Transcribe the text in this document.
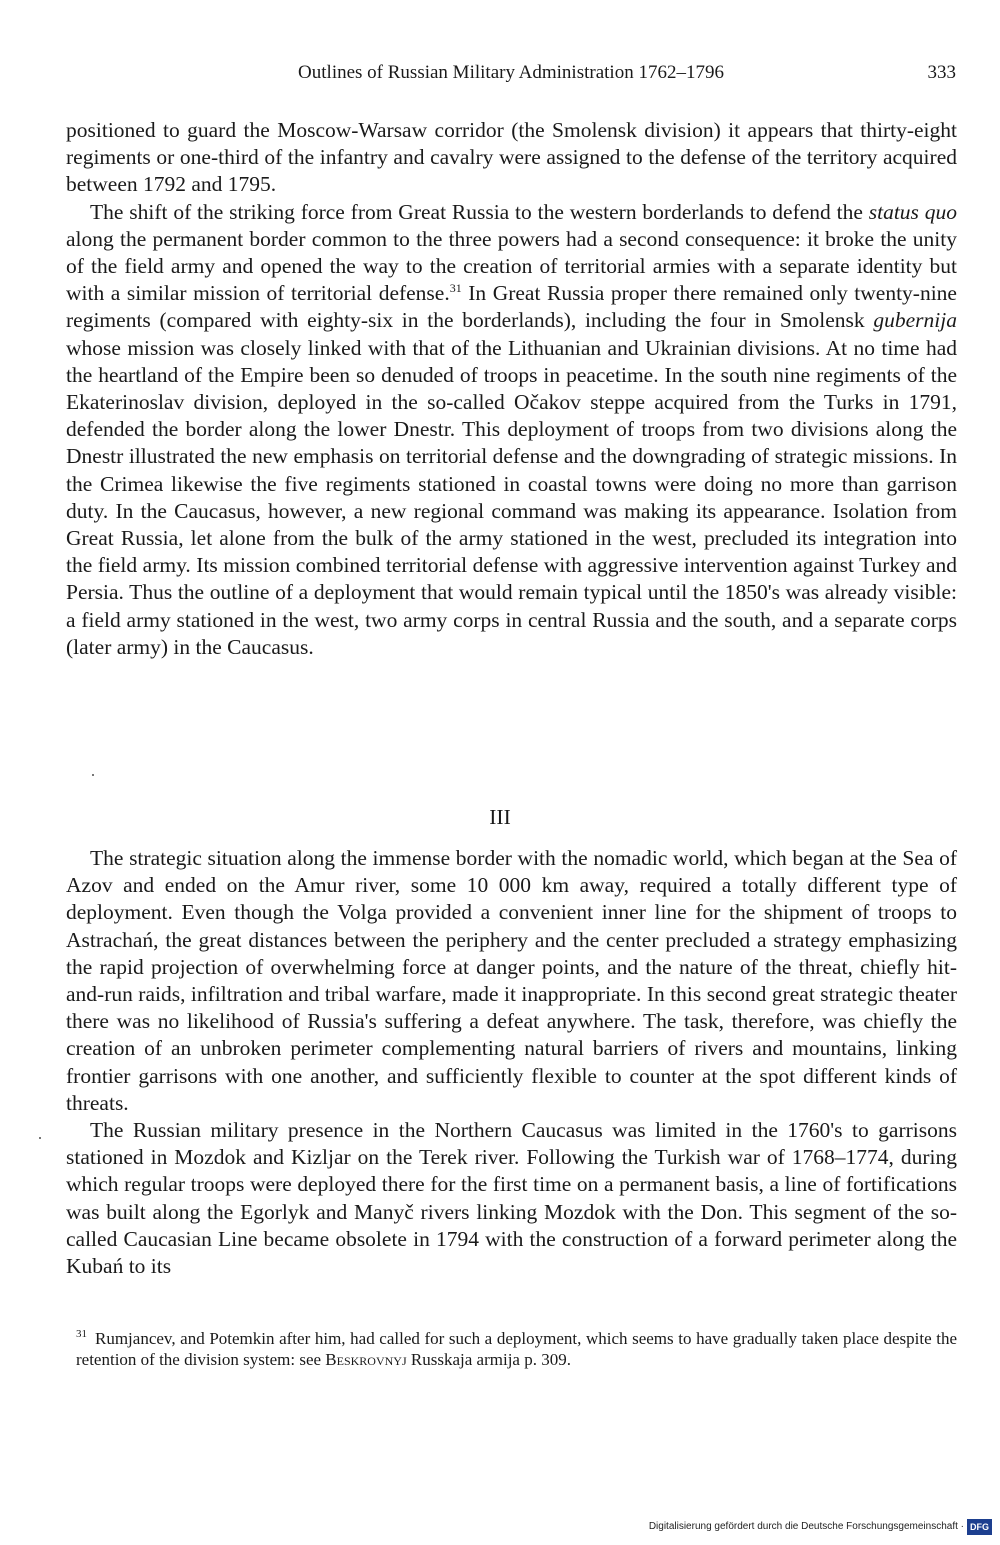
Outlines of Russian Military Administration 1762–1796	333

positioned to guard the Moscow-Warsaw corridor (the Smolensk division) it appears that thirty-eight regiments or one-third of the infantry and cavalry were assigned to the defense of the territory acquired between 1792 and 1795.

The shift of the striking force from Great Russia to the western borderlands to defend the status quo along the permanent border common to the three powers had a second consequence: it broke the unity of the field army and opened the way to the creation of territorial armies with a separate identity but with a similar mission of territorial defense.$^{31}$ In Great Russia proper there remained only twenty-nine regiments (compared with eighty-six in the borderlands), including the four in Smolensk gubernija whose mission was closely linked with that of the Lithuanian and Ukrainian divisions. At no time had the heartland of the Empire been so denuded of troops in peacetime. In the south nine regiments of the Ekaterinoslav division, deployed in the so-called Očakov steppe acquired from the Turks in 1791, defended the border along the lower Dnestr. This deployment of troops from two divisions along the Dnestr illustrated the new emphasis on territorial defense and the downgrading of strategic missions. In the Crimea likewise the five regiments stationed in coastal towns were doing no more than garrison duty. In the Caucasus, however, a new regional command was making its appearance. Isolation from Great Russia, let alone from the bulk of the army stationed in the west, precluded its integration into the field army. Its mission combined territorial defense with aggressive intervention against Turkey and Persia. Thus the outline of a deployment that would remain typical until the 1850's was already visible: a field army stationed in the west, two army corps in central Russia and the south, and a separate corps (later army) in the Caucasus.

III

The strategic situation along the immense border with the nomadic world, which began at the Sea of Azov and ended on the Amur river, some 10 000 km away, required a totally different type of deployment. Even though the Volga provided a convenient inner line for the shipment of troops to Astrachań, the great distances between the periphery and the center precluded a strategy emphasizing the rapid projection of overwhelming force at danger points, and the nature of the threat, chiefly hit-and-run raids, infiltration and tribal warfare, made it inappropriate. In this second great strategic theater there was no likelihood of Russia's suffering a defeat anywhere. The task, therefore, was chiefly the creation of an unbroken perimeter complementing natural barriers of rivers and mountains, linking frontier garrisons with one another, and sufficiently flexible to counter at the spot different kinds of threats.

The Russian military presence in the Northern Caucasus was limited in the 1760's to garrisons stationed in Mozdok and Kizljar on the Terek river. Following the Turkish war of 1768–1774, during which regular troops were deployed there for the first time on a permanent basis, a line of fortifications was built along the Egorlyk and Manyč rivers linking Mozdok with the Don. This segment of the so-called Caucasian Line became obsolete in 1794 with the construction of a forward perimeter along the Kubań to its

$^{31}$ Rumjancev, and Potemkin after him, had called for such a deployment, which seems to have gradually taken place despite the retention of the division system: see Beskrovnyj Russkaja armija p. 309.
Digitalisierung gefördert durch die Deutsche Forschungsgemeinschaft · DFG
